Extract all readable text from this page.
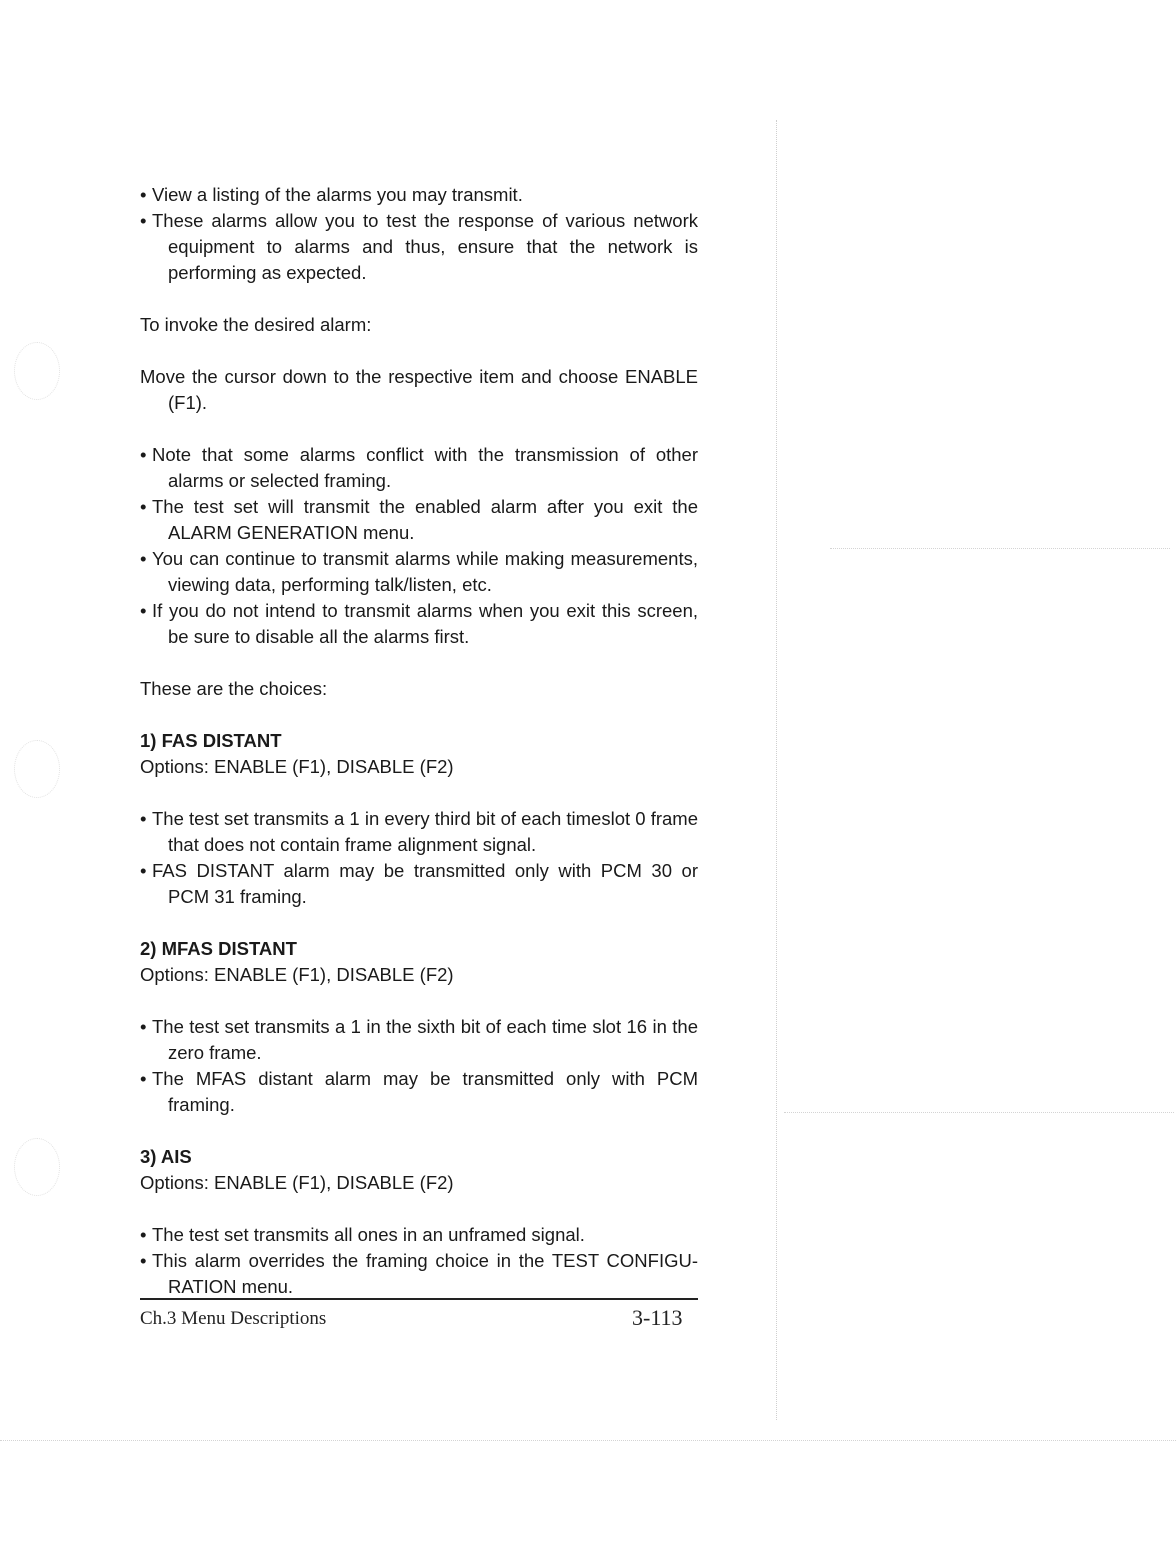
• View a listing of the alarms you may transmit.
• These alarms allow you to test the response of various network equipment to alarms and thus, ensure that the network is performing as expected.

To invoke the desired alarm:

Move the cursor down to the respective item and choose ENABLE (F1).

• Note that some alarms conflict with the transmission of other alarms or selected framing.
• The test set will transmit the enabled alarm after you exit the ALARM GENERATION menu.
• You can continue to transmit alarms while making measurements, viewing data, performing talk/listen, etc.
• If you do not intend to transmit alarms when you exit this screen, be sure to disable all the alarms first.

These are the choices:

1) FAS DISTANT

Options: ENABLE (F1), DISABLE (F2)

• The test set transmits a 1 in every third bit of each timeslot 0 frame that does not contain frame alignment signal.
• FAS DISTANT alarm may be transmitted only with PCM 30 or PCM 31 framing.

2) MFAS DISTANT

Options: ENABLE (F1), DISABLE (F2)

• The test set transmits a 1 in the sixth bit of each time slot 16 in the zero frame.
• The MFAS distant alarm may be transmitted only with PCM framing.

3) AIS

Options: ENABLE (F1), DISABLE (F2)

• The test set transmits all ones in an unframed signal.
• This alarm overrides the framing choice in the TEST CONFIGU-RATION menu.
Ch.3 Menu Descriptions	3-113
